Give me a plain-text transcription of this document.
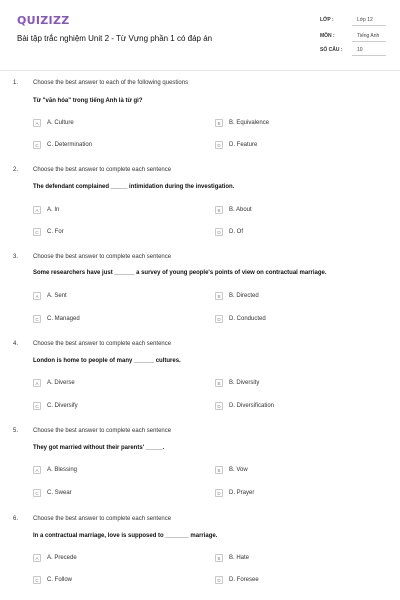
QUIZIZZ
Bài tập trắc nghiệm Unit 2 - Từ Vựng phần 1 có đáp án
LỚP :	Lớp 12
MÔN :	Tiếng Anh
SỐ CÂU :	10
1. Choose the best answer to each of the following questions
Từ "văn hóa" trong tiếng Anh là từ gì?
A	A. Culture	B	B. Equivalence
C	C. Determination	D	D. Feature
2. Choose the best answer to complete each sentence
The defendant complained _____ intimidation during the investigation.
A	A. In	B	B. About
C	C. For	D	D. Of
3. Choose the best answer to complete each sentence
Some researchers have just ______ a survey of young people's points of view on contractual marriage.
A	A. Sent	B	B. Directed
C	C. Managed	D	D. Conducted
4. Choose the best answer to complete each sentence
London is home to people of many ______ cultures.
A	A. Diverse	B	B. Diversity
C	C. Diversify	D	D. Diversification
5. Choose the best answer to complete each sentence
They got married without their parents' _____.
A	A. Blessing	B	B. Vow
C	C. Swear	D	D. Prayer
6. Choose the best answer to complete each sentence
In a contractual marriage, love is supposed to _______ marriage.
A	A. Precede	B	B. Hate
C	C. Follow	D	D. Foresee
